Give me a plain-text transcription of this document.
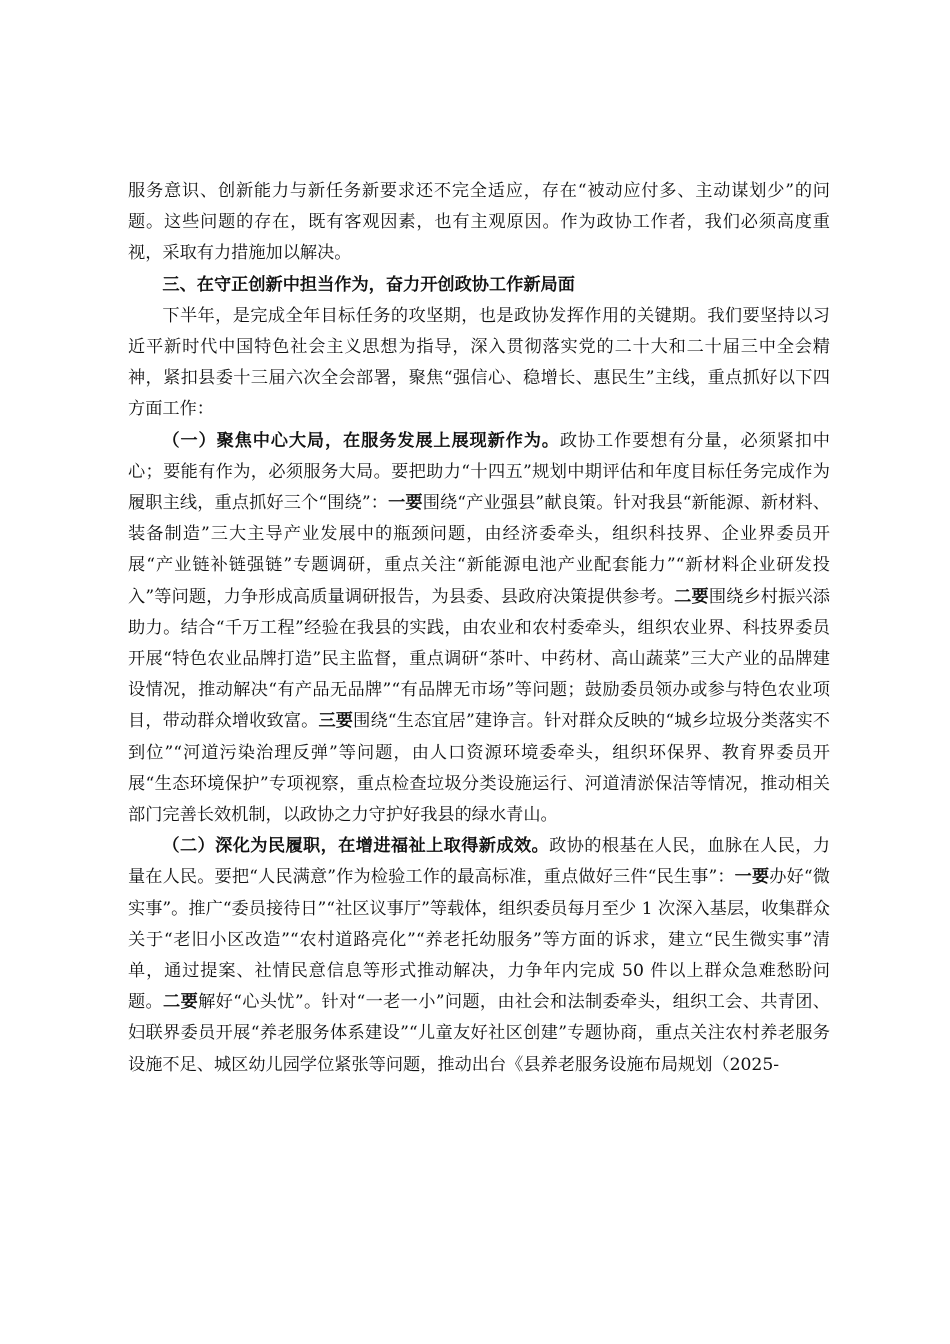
服务意识、创新能力与新任务新要求还不完全适应，存在“被动应付多、主动谋划少”的问题。这些问题的存在，既有客观因素，也有主观原因。作为政协工作者，我们必须高度重视，采取有力措施加以解决。

三、在守正创新中担当作为，奋力开创政协工作新局面

下半年，是完成全年目标任务的攻坚期，也是政协发挥作用的关键期。我们要坚持以习近平新时代中国特色社会主义思想为指导，深入贯彻落实党的二十大和二十届三中全会精神，紧扣县委十三届六次全会部署，聚焦“强信心、稳增长、惠民生”主线，重点抓好以下四方面工作：

（一）聚焦中心大局，在服务发展上展现新作为。政协工作要想有分量，必须紧扣中心；要能有作为，必须服务大局。要把助力“十四五”规划中期评估和年度目标任务完成作为履职主线，重点抓好三个“围绕”：一要围绕“产业强县”献良策。针对我县“新能源、新材料、装备制造”三大主导产业发展中的瓶颈问题，由经济委牵头，组织科技界、企业界委员开展“产业链补链强链”专题调研，重点关注“新能源电池产业配套能力”“新材料企业研发投入”等问题，力争形成高质量调研报告，为县委、县政府决策提供参考。二要围绕乡村振兴添助力。结合“千万工程”经验在我县的实践，由农业和农村委牵头，组织农业界、科技界委员开展“特色农业品牌打造”民主监督，重点调研“茶叶、中药材、高山蔬菜”三大产业的品牌建设情况，推动解决“有产品无品牌”“有品牌无市场”等问题；鼓励委员领办或参与特色农业项目，带动群众增收致富。三要围绕“生态宜居”建诤言。针对群众反映的“城乡垃圾分类落实不到位”“河道污染治理反弹”等问题，由人口资源环境委牵头，组织环保界、教育界委员开展“生态环境保护”专项视察，重点检查垃圾分类设施运行、河道清淤保洁等情况，推动相关部门完善长效机制，以政协之力守护好我县的绿水青山。

（二）深化为民履职，在增进福祉上取得新成效。政协的根基在人民，血脉在人民，力量在人民。要把“人民满意”作为检验工作的最高标准，重点做好三件“民生事”：一要办好“微实事”。推广“委员接待日”“社区议事厅”等载体，组织委员每月至少 1 次深入基层，收集群众关于“老旧小区改造”“农村道路亮化”“养老托幼服务”等方面的诉求，建立“民生微实事”清单，通过提案、社情民意信息等形式推动解决，力争年内完成 50 件以上群众急难愁盼问题。二要解好“心头忧”。针对“一老一小”问题，由社会和法制委牵头，组织工会、共青团、妇联界委员开展“养老服务体系建设”“儿童友好社区创建”专题协商，重点关注农村养老服务设施不足、城区幼儿园学位紧张等问题，推动出台《县养老服务设施布局规划（2025-
